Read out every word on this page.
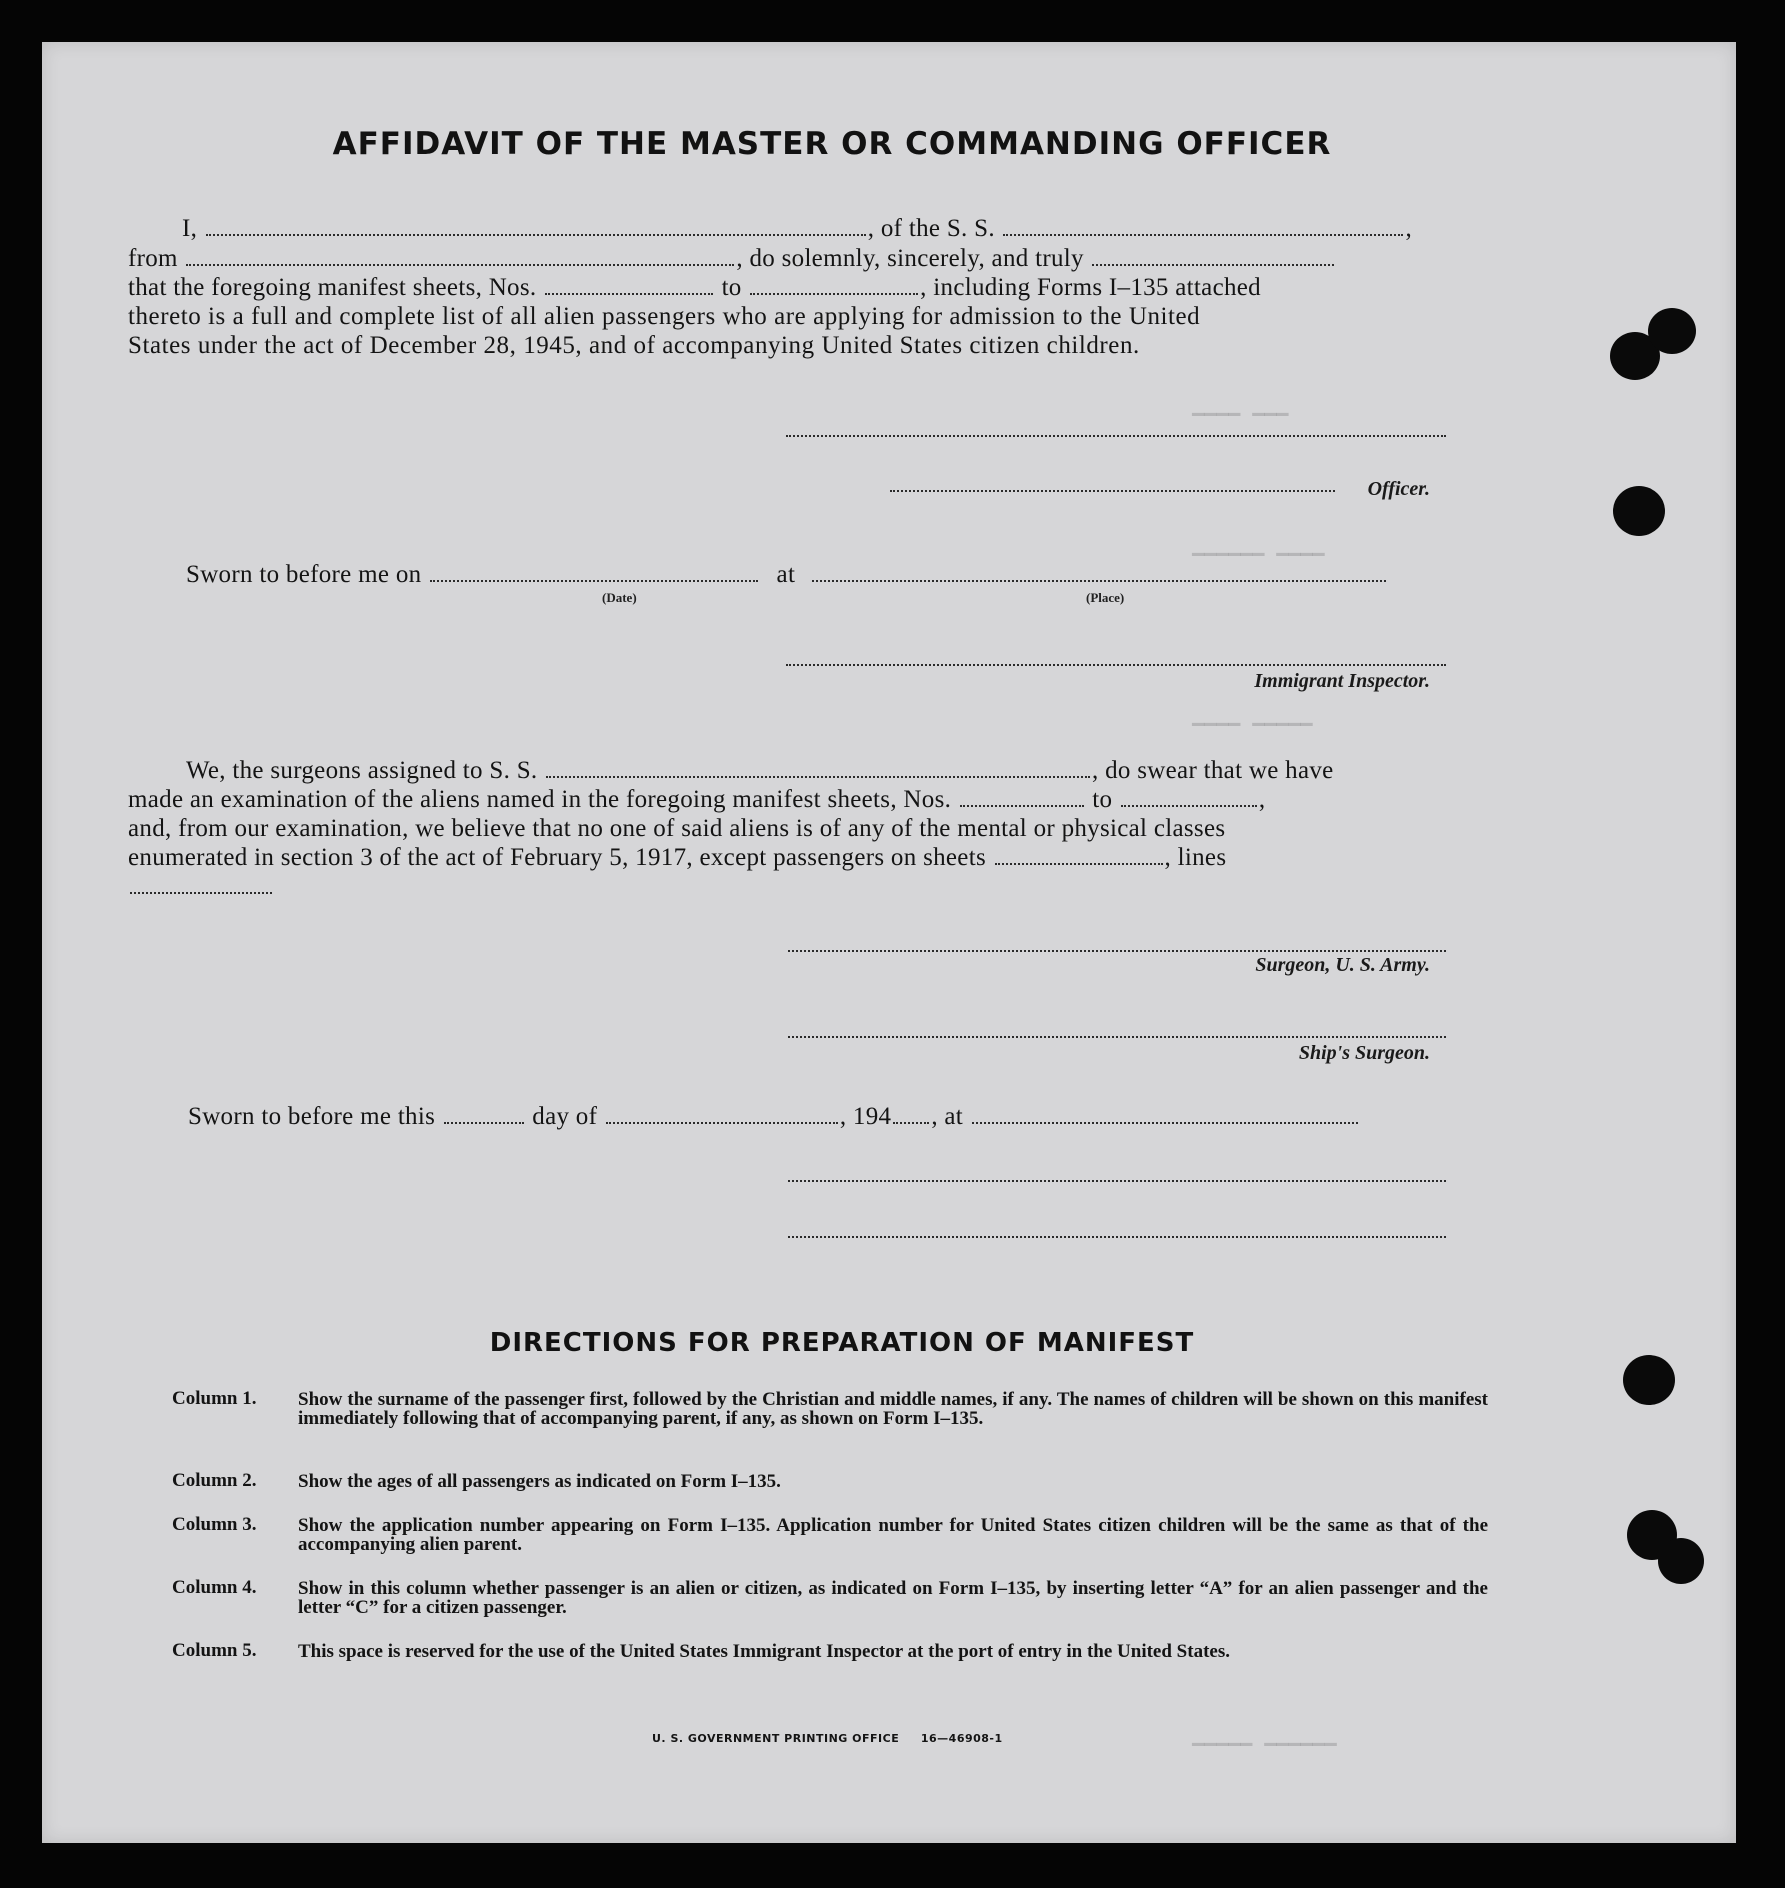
▁▁▁▁ ▁▁▁
▁▁▁▁▁▁ ▁▁▁▁
▁▁▁▁ ▁▁▁▁▁
▁▁▁▁▁ ▁▁▁▁▁▁
AFFIDAVIT OF THE MASTER OR COMMANDING OFFICER
I,	, of the S. S.	,
from	, do solemnly, sincerely, and truly
that the foregoing manifest sheets, Nos.	to	, including Forms I–135 attached
thereto is a full and complete list of all alien passengers who are applying for admission to the United
States under the act of December 28, 1945, and of accompanying United States citizen children.
Officer.
Sworn to before me on	at
(Date)	(Place)
Immigrant Inspector.
We, the surgeons assigned to S. S.	, do swear that we have
made an examination of the aliens named in the foregoing manifest sheets, Nos.	to	,
and, from our examination, we believe that no one of said aliens is of any of the mental or physical classes
enumerated in section 3 of the act of February 5, 1917, except passengers on sheets	, lines
Surgeon, U. S. Army.
Ship's Surgeon.
Sworn to before me this	day of	, 194 , at
DIRECTIONS FOR PREPARATION OF MANIFEST
Column 1.	Show the surname of the passenger first, followed by the Christian and middle names, if any. The names of children will be shown on this manifest immediately following that of accompanying parent, if any, as shown on Form I–135.
Column 2.	Show the ages of all passengers as indicated on Form I–135.
Column 3.	Show the application number appearing on Form I–135. Application number for United States citizen children will be the same as that of the accompanying alien parent.
Column 4.	Show in this column whether passenger is an alien or citizen, as indicated on Form I–135, by inserting letter “A” for an alien passenger and the letter “C” for a citizen passenger.
Column 5.	This space is reserved for the use of the United States Immigrant Inspector at the port of entry in the United States.
U. S. GOVERNMENT PRINTING OFFICE     16—46908-1
